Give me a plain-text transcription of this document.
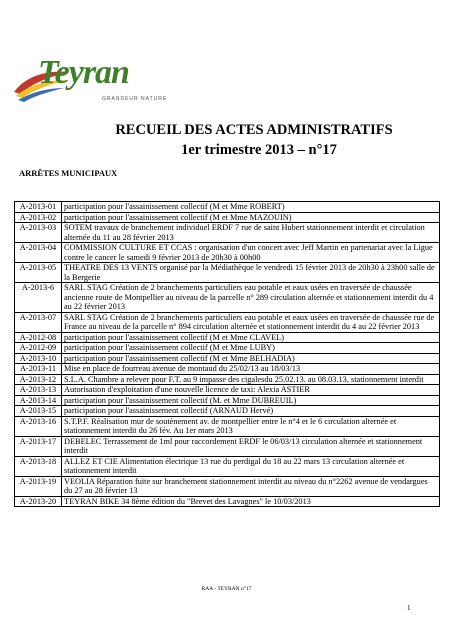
Teyran
GRANDEUR NATURE
RECUEIL DES ACTES ADMINISTRATIFS
1er trimestre 2013 – n°17
ARRÊTES MUNICIPAUX
A-2013-01	participation pour l'assainissement collectif (M et Mme ROBERT)
A-2013-02	participation pour l'assainissement collectif (M et Mme MAZOUIN)
A-2013-03	SOTEM travaux de branchement individuel ERDF 7 rue de saint Hubert stationnement interdit et circulation alternée du 11 au 28 février 2013
A-2013-04	COMMISSION CULTURE ET CCAS : organisation d'un concert avec Jeff Martin en partenariat avec la Ligue contre le cancer le samedi 9 février 2013 de 20h30 à 00h00
A-2013-05	THEATRE DES 13 VENTS organisé par la Médiathèque le vendredi 15 février 2013 de 20h30 à 23h00 salle de la Bergerie
A-2013-6	SARL STAG Création de 2 branchements particuliers eau potable et eaux usées en traversée de chaussée ancienne route de Montpellier au niveau de la parcelle n° 289 circulation alternée et stationnement interdit du 4 au 22 février 2013
A-2013-07	SARL STAG Création de 2 branchements particuliers eau potable et eaux usées en traversée de chaussée rue de France au niveau de la parcelle n° 894 circulation alternée et stationnement interdit du 4 au 22 février 2013
A-2012-08	participation pour l'assainissement collectif (M et Mme CLAVEL)
A-2012-09	participation pour l'assainissement collectif (M et Mme LUBY)
A-2013-10	participation pour l'assainissement collectif (M et Mme BELHADIA)
A-2013-11	Mise en place de fourreau avenue de montaud du 25/02/13 au 18/03/13
A-2013-12	S.L.A. Chambre a relever pour F.T. au 9 impasse des cigalesdu 25.02.13. au 08.03.13. stationnement interdit
A-2013-13	Autorisation d'exploitation d'une nouvelle licence de taxi: Alexia ASTIER
A-2013-14	participation pour l'assainissement collectif (M. et Mme DUBREUIL)
A-2013-15	participation pour l'assainissement collectif (ARNAUD Hervé)
A-2013-16	S.T.P.F. Réalisation mur de soutènement av. de montpellier entre le n°4 et le 6 circulation alternée et stationnement interdit du 26 fév. Au 1er mars 2013
A-2013-17	DEBELEC Terrassement de 1ml pour raccordement ERDF le 06/03/13 circulation alternée et stationnement interdit
A-2013-18	ALLEZ ET CIE Alimentation électrique 13 rue du perdigal du 18 au 22 mars 13 circulation alternée et stationnement interdit
A-2013-19	VEOLIA Réparation fuite sur branchement stationnement interdit au niveau du n°2262 avenue de vendargues du 27 au 28 février 13
A-2013-20	TEYRAN BIKE 34 8ème édition du "Brevet des Lavagnes" le 10/03/2013
RAA - TEYRAN n°17
1
